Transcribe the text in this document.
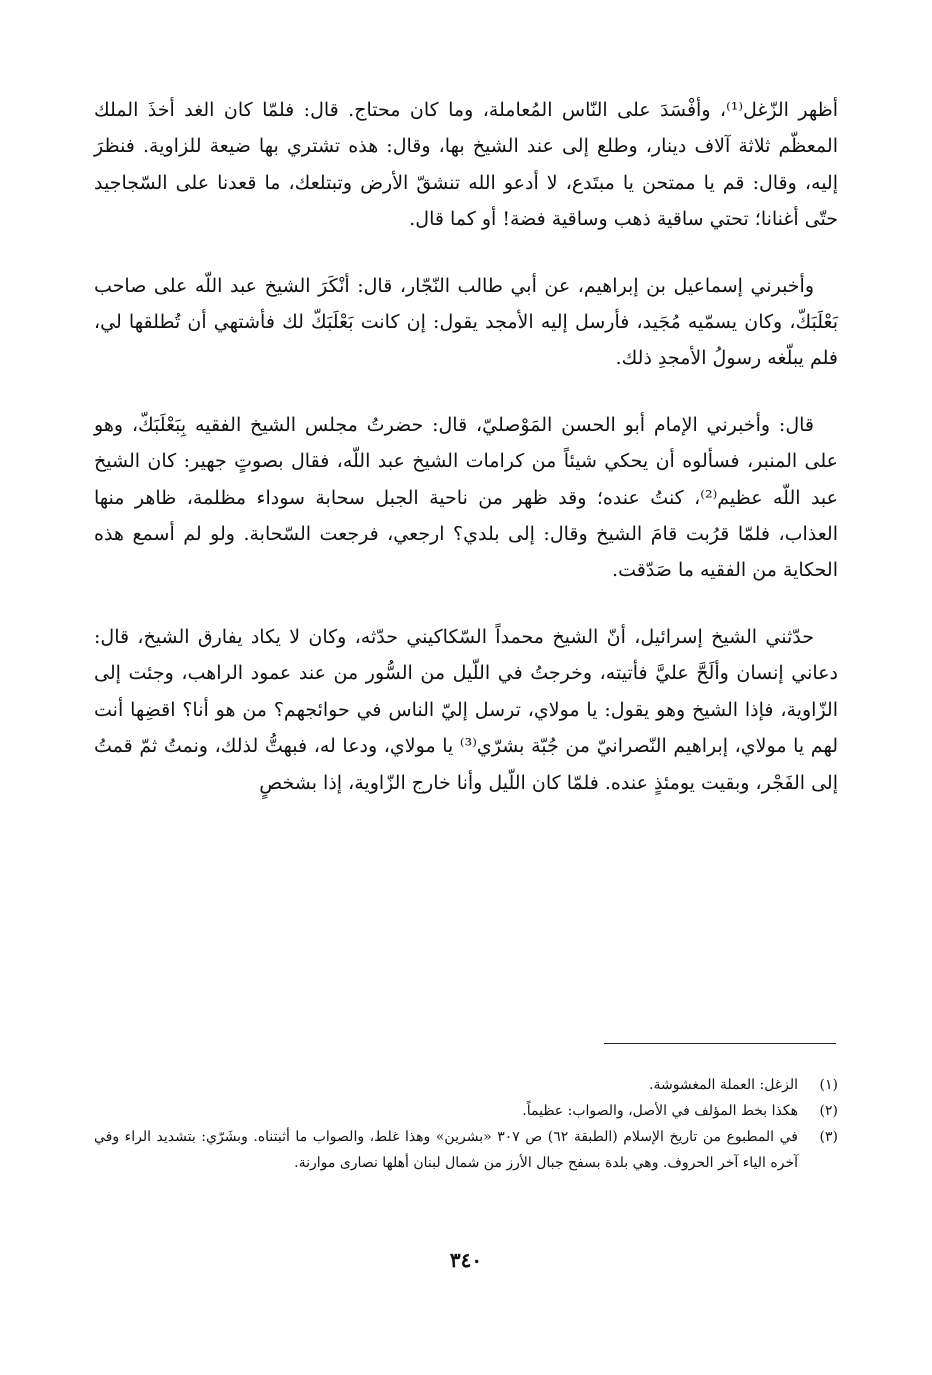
أظهر الزّغل⁽¹⁾، وأفْسَدَ على النّاس المُعاملة، وما كان محتاج. قال: فلمّا كان الغد أخذَ الملك المعظّم ثلاثة آلاف دينار، وطلع إلى عند الشيخ بها، وقال: هذه تشتري بها ضيعة للزاوية. فنظرَ إليه، وقال: قم يا ممتحن يا مبتَدع، لا أدعو الله تنشقّ الأرض وتبتلعك، ما قعدنا على السّجاجيد حتّى أغنانا؛ تحتي ساقية ذهب وساقية فضة! أو كما قال.

وأخبرني إسماعيل بن إبراهيم، عن أبي طالب النّجّار، قال: أنْكَرَ الشيخ عبد اللّه على صاحب بَعْلَبَكّ، وكان يسمّيه مُجَيد، فأرسل إليه الأمجد يقول: إن كانت بَعْلَبَكّ لك فأشتهي أن تُطلقها لي، فلم يبلّغه رسولُ الأمجدِ ذلك.

قال: وأخبرني الإمام أبو الحسن المَوْصليّ، قال: حضرتُ مجلس الشيخ الفقيه بِبَعْلَبَكّ، وهو على المنبر، فسألوه أن يحكي شيئاً من كرامات الشيخ عبد اللّه، فقال بصوتٍ جهير: كان الشيخ عبد اللّه عظيم⁽²⁾، كنتُ عنده؛ وقد ظهر من ناحية الجبل سحابة سوداء مظلمة، ظاهر منها العذاب، فلمّا قرُبت قامَ الشيخ وقال: إلى بلدي؟ ارجعي، فرجعت السّحابة. ولو لم أسمع هذه الحكاية من الفقيه ما صَدّقت.

حدّثني الشيخ إسرائيل، أنّ الشيخ محمداً السّكاكيني حدّثه، وكان لا يكاد يفارق الشيخ، قال: دعاني إنسان وألَحَّ عليَّ فأتيته، وخرجتُ في اللّيل من السُّور من عند عمود الراهب، وجئت إلى الزّاوية، فإذا الشيخ وهو يقول: يا مولاي، ترسل إليّ الناس في حوائجهم؟ من هو أنا؟ اقضِها أنت لهم يا مولاي، إبراهيم النّصرانيّ من جُبّة بشرّي⁽³⁾ يا مولاي، ودعا له، فبهتُّ لذلك، ونمتُ ثمّ قمتُ إلى الفَجْر، وبقيت يومئذٍ عنده. فلمّا كان اللّيل وأنا خارج الزّاوية، إذا بشخصٍ

(١)
الزغل: العملة المغشوشة.
(٢)
هكذا بخط المؤلف في الأصل، والصواب: عظيماً.
(٣)
في المطبوع من تاريخ الإسلام (الطبقة ٦٢) ص ٣٠٧ «بشرين» وهذا غلط، والصواب ما أثبتناه. وبشَرّي: بتشديد الراء وفي آخره الياء آخر الحروف. وهي بلدة بسفح جبال الأرز من شمال لبنان أهلها نصارى موارنة.
٣٤٠
